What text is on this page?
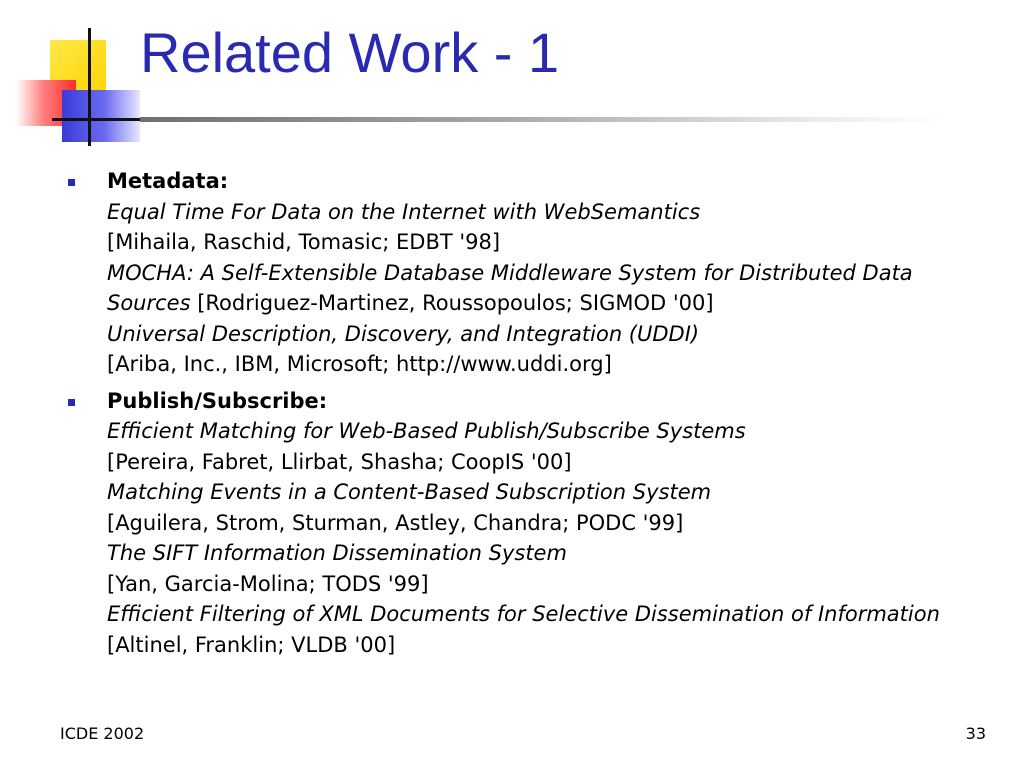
Related Work - 1
Metadata:
Equal Time For Data on the Internet with WebSemantics
[Mihaila, Raschid, Tomasic; EDBT '98]
MOCHA: A Self-Extensible Database Middleware System for Distributed Data Sources [Rodriguez-Martinez, Roussopoulos; SIGMOD '00]
Universal Description, Discovery, and Integration (UDDI)
[Ariba, Inc., IBM, Microsoft; http://www.uddi.org]
Publish/Subscribe:
Efficient Matching for Web-Based Publish/Subscribe Systems
[Pereira, Fabret, Llirbat, Shasha; CoopIS '00]
Matching Events in a Content-Based Subscription System
[Aguilera, Strom, Sturman, Astley, Chandra; PODC '99]
The SIFT Information Dissemination System
[Yan, Garcia-Molina; TODS '99]
Efficient Filtering of XML Documents for Selective Dissemination of Information [Altinel, Franklin; VLDB '00]
ICDE 2002	33
